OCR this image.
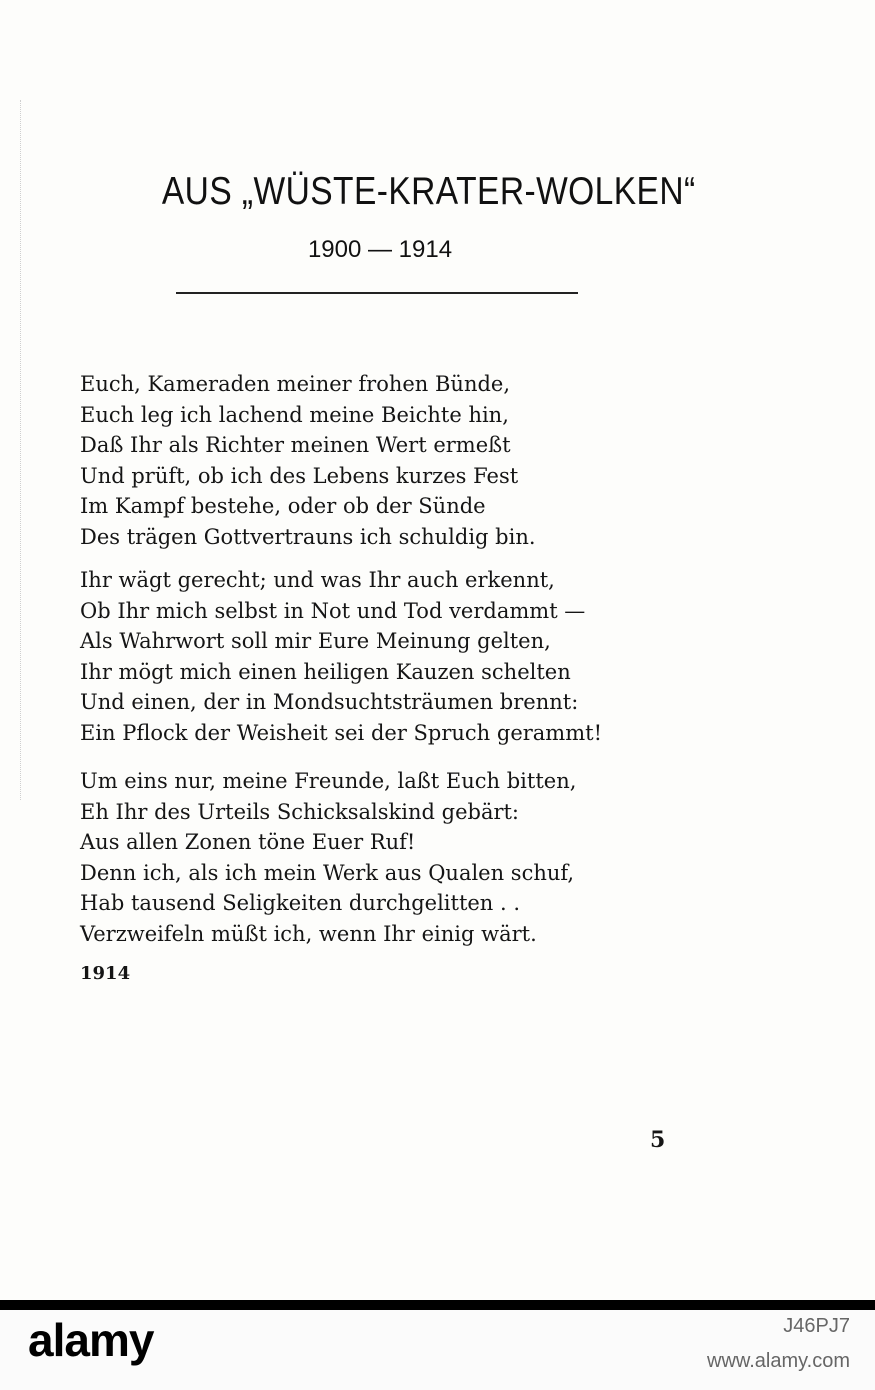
AUS „WÜSTE-KRATER-WOLKEN“
1900 — 1914
Euch, Kameraden meiner frohen Bünde,
Euch leg ich lachend meine Beichte hin,
Daß Ihr als Richter meinen Wert ermeßt
Und prüft, ob ich des Lebens kurzes Fest
Im Kampf bestehe, oder ob der Sünde
Des trägen Gottvertrauns ich schuldig bin.
Ihr wägt gerecht; und was Ihr auch erkennt,
Ob Ihr mich selbst in Not und Tod verdammt —
Als Wahrwort soll mir Eure Meinung gelten,
Ihr mögt mich einen heiligen Kauzen schelten
Und einen, der in Mondsuchtsträumen brennt:
Ein Pflock der Weisheit sei der Spruch gerammt!
Um eins nur, meine Freunde, laßt Euch bitten,
Eh Ihr des Urteils Schicksalskind gebärt:
Aus allen Zonen töne Euer Ruf!
Denn ich, als ich mein Werk aus Qualen schuf,
Hab tausend Seligkeiten durchgelitten . .
Verzweifeln müßt ich, wenn Ihr einig wärt.
1914
5
alamy	J46PJ7
www.alamy.com
